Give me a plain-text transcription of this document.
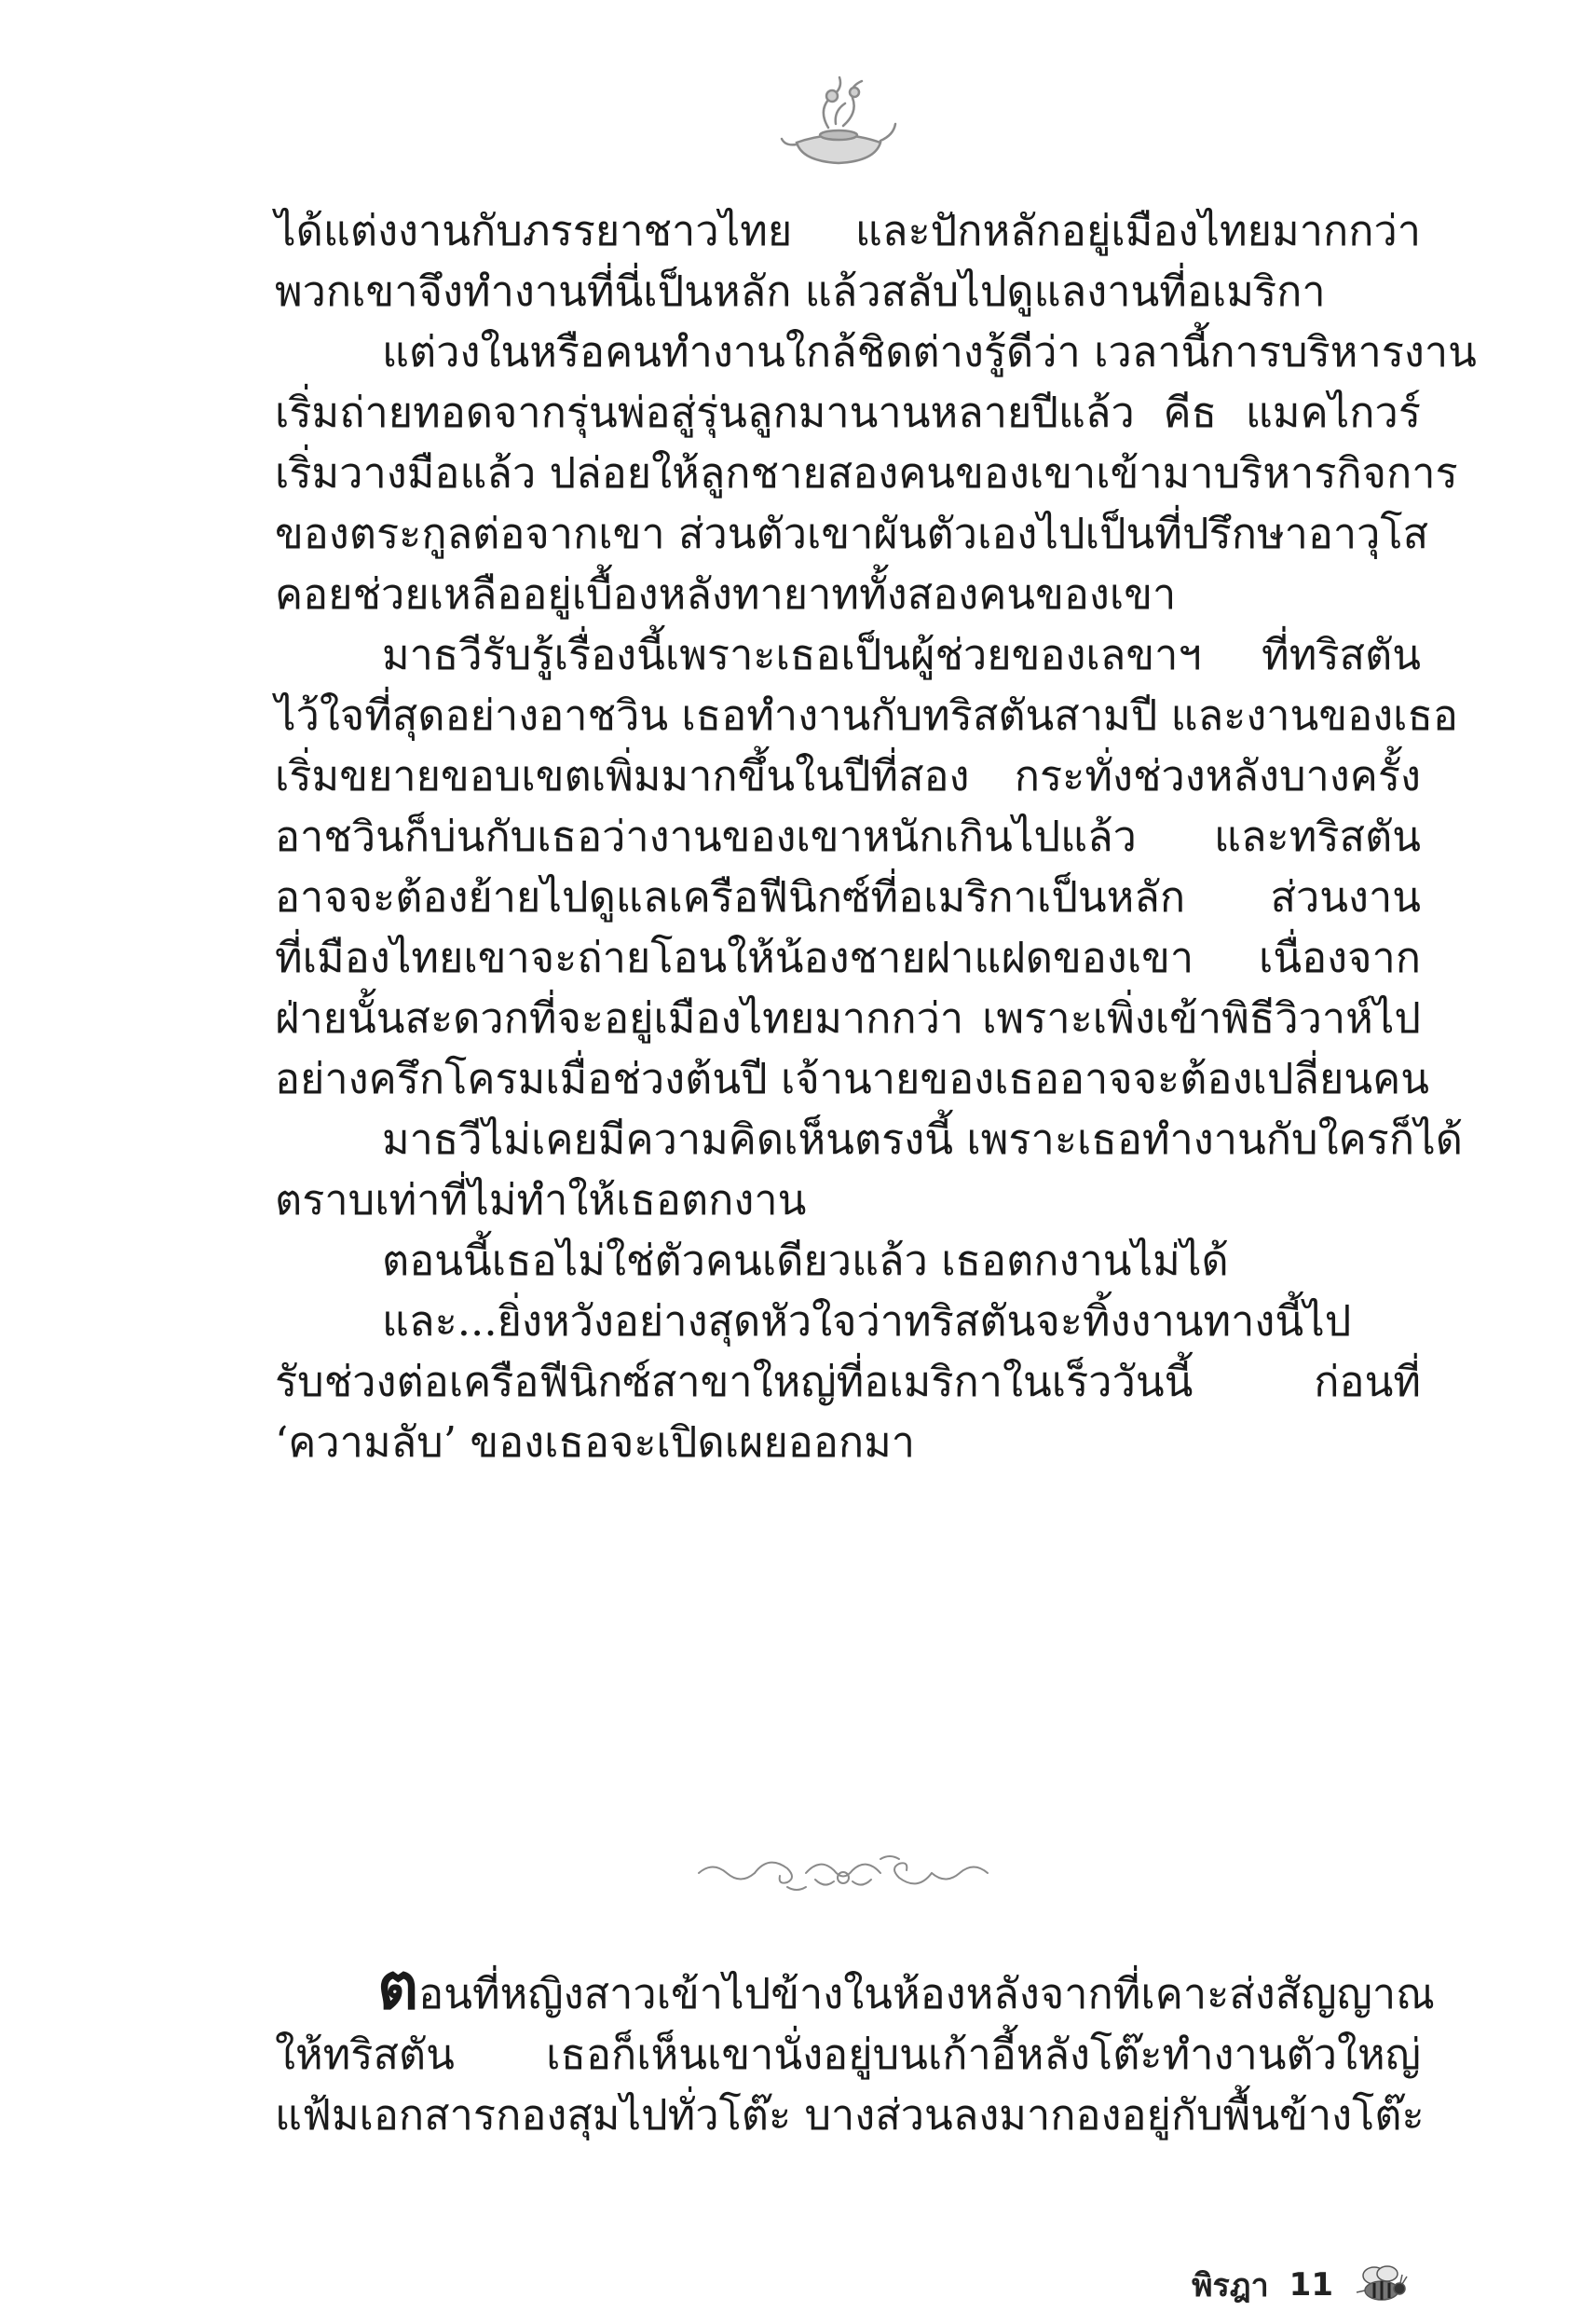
ได้แต่งงานกับภรรยาชาวไทย และปักหลักอยู่เมืองไทยมากกว่า

พวกเขาจึงทำงานที่นี่เป็นหลัก แล้วสลับไปดูแลงานที่อเมริกา

แต่วงในหรือคนทำงานใกล้ชิดต่างรู้ดีว่า เวลานี้การบริหารงาน

เริ่มถ่ายทอดจากรุ่นพ่อสู่รุ่นลูกมานานหลายปีแล้ว คีธ แมคไกวร์

เริ่มวางมือแล้ว ปล่อยให้ลูกชายสองคนของเขาเข้ามาบริหารกิจการ

ของตระกูลต่อจากเขา ส่วนตัวเขาผันตัวเองไปเป็นที่ปรึกษาอาวุโส

คอยช่วยเหลืออยู่เบื้องหลังทายาททั้งสองคนของเขา

มาธวีรับรู้เรื่องนี้เพราะเธอเป็นผู้ช่วยของเลขาฯ ที่ทริสตัน

ไว้ใจที่สุดอย่างอาชวิน เธอทำงานกับทริสตันสามปี และงานของเธอ

เริ่มขยายขอบเขตเพิ่มมากขึ้นในปีที่สอง กระทั่งช่วงหลังบางครั้ง

อาชวินก็บ่นกับเธอว่างานของเขาหนักเกินไปแล้ว และทริสตัน

อาจจะต้องย้ายไปดูแลเครือฟีนิกซ์ที่อเมริกาเป็นหลัก ส่วนงาน

ที่เมืองไทยเขาจะถ่ายโอนให้น้องชายฝาแฝดของเขา เนื่องจาก

ฝ่ายนั้นสะดวกที่จะอยู่เมืองไทยมากกว่า เพราะเพิ่งเข้าพิธีวิวาห์ไป

อย่างครึกโครมเมื่อช่วงต้นปี เจ้านายของเธออาจจะต้องเปลี่ยนคน

มาธวีไม่เคยมีความคิดเห็นตรงนี้ เพราะเธอทำงานกับใครก็ได้

ตราบเท่าที่ไม่ทำให้เธอตกงาน

ตอนนี้เธอไม่ใช่ตัวคนเดียวแล้ว เธอตกงานไม่ได้

และ...ยิ่งหวังอย่างสุดหัวใจว่าทริสตันจะทิ้งงานทางนี้ไป

รับช่วงต่อเครือฟีนิกซ์สาขาใหญ่ที่อเมริกาในเร็ววันนี้ ก่อนที่

‘ความลับ’ ของเธอจะเปิดเผยออกมา

ตอนที่หญิงสาวเข้าไปข้างในห้องหลังจากที่เคาะส่งสัญญาณ

ให้ทริสตัน เธอก็เห็นเขานั่งอยู่บนเก้าอี้หลังโต๊ะทำงานตัวใหญ่

แฟ้มเอกสารกองสุมไปทั่วโต๊ะ บางส่วนลงมากองอยู่กับพื้นข้างโต๊ะ

พิรฎา 11
